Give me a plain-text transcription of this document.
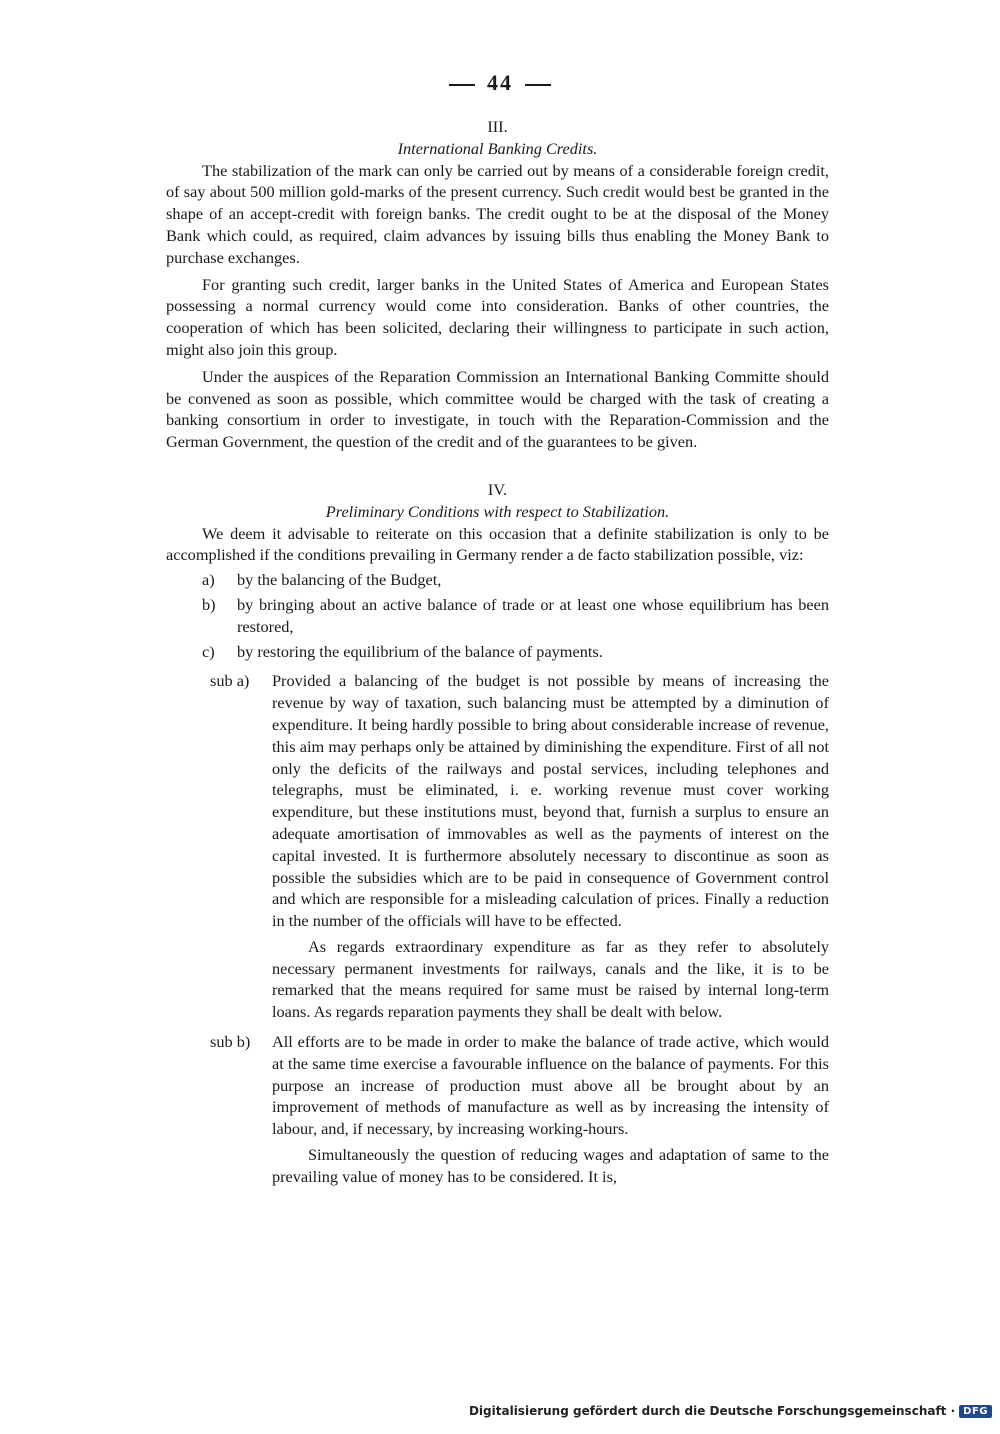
44

III.

International Banking Credits.

The stabilization of the mark can only be carried out by means of a considerable foreign credit, of say about 500 million gold-marks of the present currency. Such credit would best be granted in the shape of an accept-credit with foreign banks. The credit ought to be at the disposal of the Money Bank which could, as required, claim advances by issuing bills thus enabling the Money Bank to purchase exchanges.

For granting such credit, larger banks in the United States of America and European States possessing a normal currency would come into consideration. Banks of other countries, the cooperation of which has been solicited, declaring their willingness to participate in such action, might also join this group.

Under the auspices of the Reparation Commission an International Banking Committe should be convened as soon as possible, which committee would be charged with the task of creating a banking consortium in order to investigate, in touch with the Reparation-Commission and the German Government, the question of the credit and of the guarantees to be given.

IV.

Preliminary Conditions with respect to Stabilization.

We deem it advisable to reiterate on this occasion that a definite stabilization is only to be accomplished if the conditions prevailing in Germany render a de facto stabilization possible, viz:

a) by the balancing of the Budget,
b) by bringing about an active balance of trade or at least one whose equilibrium has been restored,
c) by restoring the equilibrium of the balance of payments.
sub a) Provided a balancing of the budget is not possible by means of increasing the revenue by way of taxation, such balancing must be attempted by a diminution of expenditure. It being hardly possible to bring about considerable increase of revenue, this aim may perhaps only be attained by diminishing the expenditure. First of all not only the deficits of the railways and postal services, including telephones and telegraphs, must be eliminated, i. e. working revenue must cover working expenditure, but these institutions must, beyond that, furnish a surplus to ensure an adequate amortisation of immovables as well as the payments of interest on the capital invested. It is furthermore absolutely necessary to discontinue as soon as possible the subsidies which are to be paid in consequence of Government control and which are responsible for a misleading calculation of prices. Finally a reduction in the number of the officials will have to be effected.

As regards extraordinary expenditure as far as they refer to absolutely necessary permanent investments for railways, canals and the like, it is to be remarked that the means required for same must be raised by internal long-term loans. As regards reparation payments they shall be dealt with below.

sub b) All efforts are to be made in order to make the balance of trade active, which would at the same time exercise a favourable influence on the balance of payments. For this purpose an increase of production must above all be brought about by an improvement of methods of manufacture as well as by increasing the intensity of labour, and, if necessary, by increasing working-hours.

Simultaneously the question of reducing wages and adaptation of same to the prevailing value of money has to be considered. It is,

Digitalisierung gefördert durch die Deutsche Forschungsgemeinschaft · DFG
